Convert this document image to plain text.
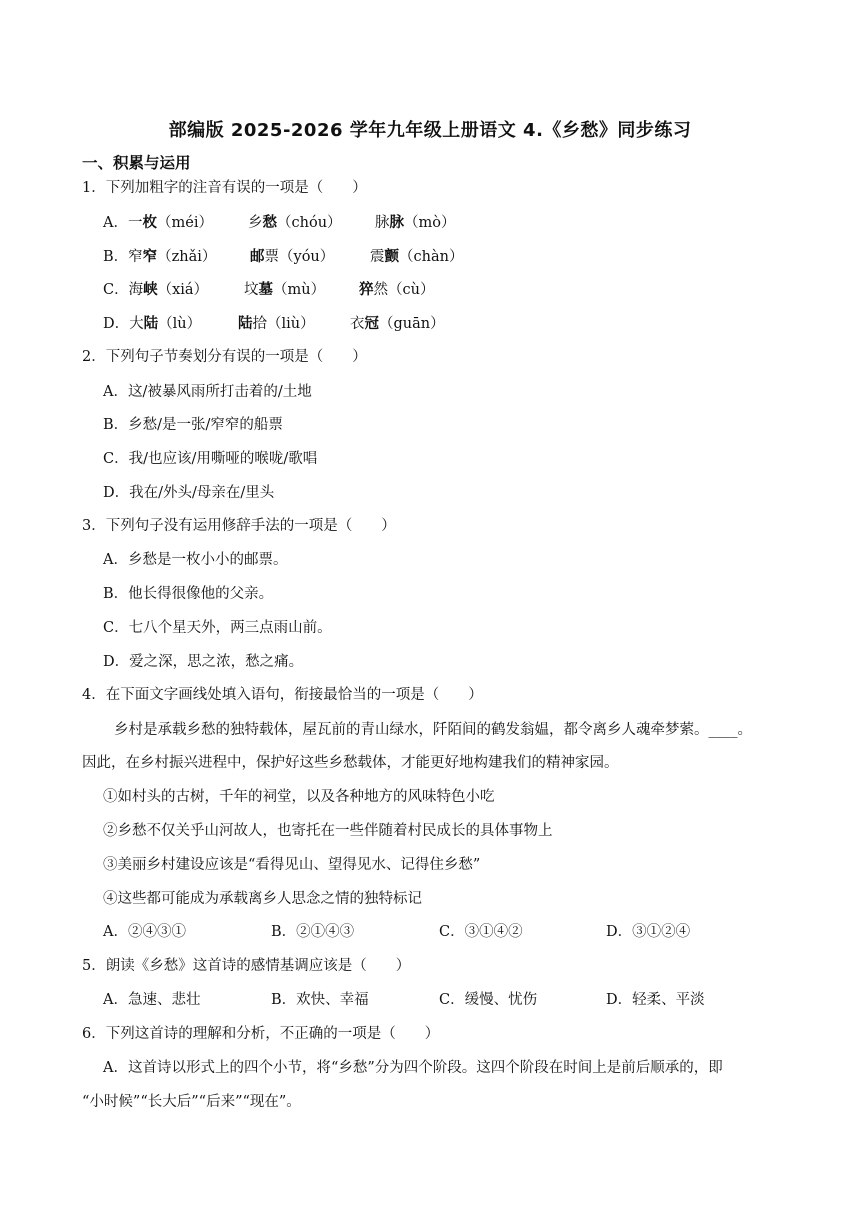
部编版 2025-2026 学年九年级上册语文 4.《乡愁》同步练习
一、积累与运用
1．下列加粗字的注音有误的一项是（　　）
A．一枚（méi） 乡愁（chóu） 脉脉（mò）
B．窄窄（zhǎi） 邮票（yóu） 震颤（chàn）
C．海峡（xiá） 坟墓（mù） 猝然（cù）
D．大陆（lù）	陆拾（liù） 衣冠（guān）
2．下列句子节奏划分有误的一项是（　　）
A．这/被暴风雨所打击着的/土地
B．乡愁/是一张/窄窄的船票
C．我/也应该/用嘶哑的喉咙/歌唱
D．我在/外头/母亲在/里头
3．下列句子没有运用修辞手法的一项是（　　）
A．乡愁是一枚小小的邮票。
B．他长得很像他的父亲。
C．七八个星天外，两三点雨山前。
D．爱之深，思之浓，愁之痛。
4．在下面文字画线处填入语句，衔接最恰当的一项是（　　）
乡村是承载乡愁的独特载体，屋瓦前的青山绿水，阡陌间的鹤发翁媪，都令离乡人魂牵梦萦。____。
因此，在乡村振兴进程中，保护好这些乡愁载体，才能更好地构建我们的精神家园。
①如村头的古树，千年的祠堂，以及各种地方的风味特色小吃
②乡愁不仅关乎山河故人，也寄托在一些伴随着村民成长的具体事物上
③美丽乡村建设应该是“看得见山、望得见水、记得住乡愁”
④这些都可能成为承载离乡人思念之情的独特标记
A．②④③①	B．②①④③	C．③①④②	D．③①②④
5．朗读《乡愁》这首诗的感情基调应该是（　　）
A．急速、悲壮	B．欢快、幸福	C．缓慢、忧伤	D．轻柔、平淡
6．下列这首诗的理解和分析，不正确的一项是（　　）
A．这首诗以形式上的四个小节，将“乡愁”分为四个阶段。这四个阶段在时间上是前后顺承的，即
“小时候”“长大后”“后来”“现在”。
